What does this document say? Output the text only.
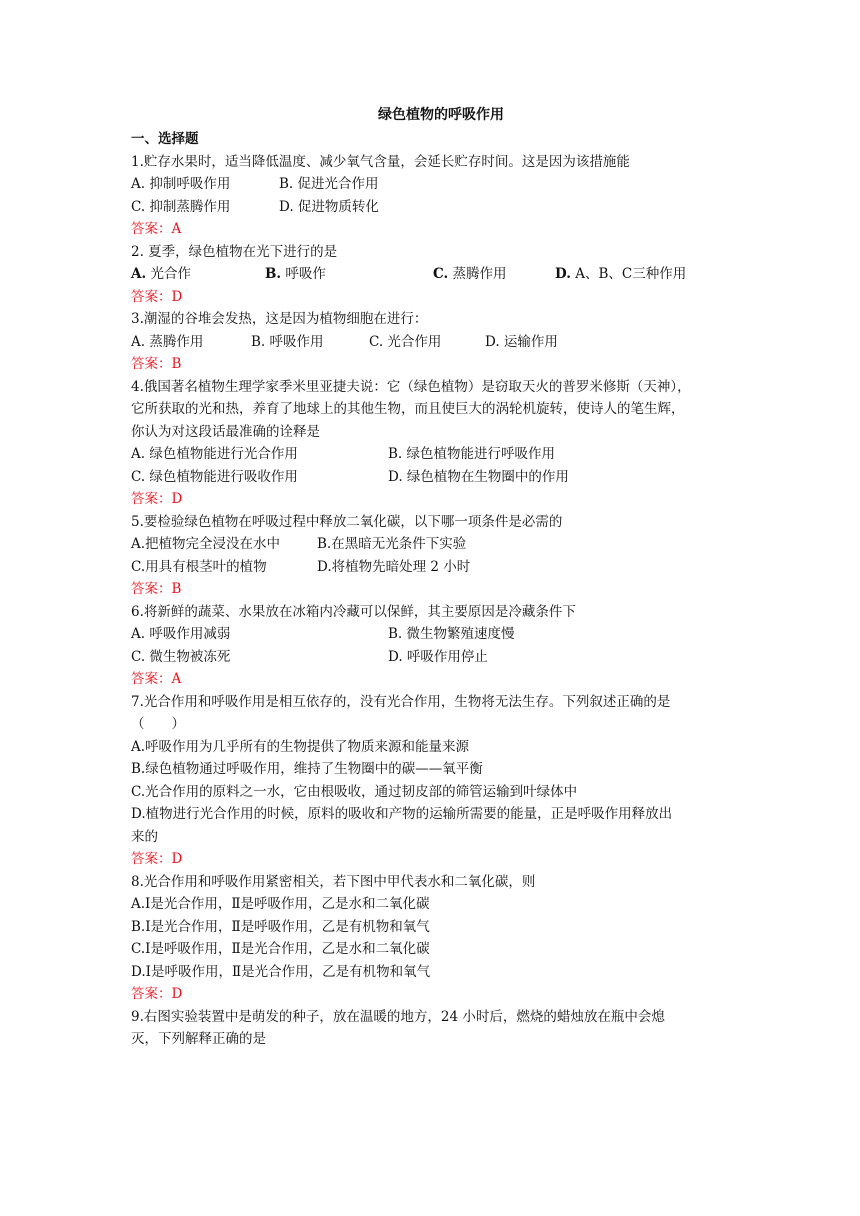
绿色植物的呼吸作用
一、选择题
1.贮存水果时，适当降低温度、减少氧气含量，会延长贮存时间。这是因为该措施能
A. 抑制呼吸作用	B. 促进光合作用
C. 抑制蒸腾作用	D. 促进物质转化
答案：A
2. 夏季，绿色植物在光下进行的是
A. 光合作	B. 呼吸作	C. 蒸腾作用	D. A、B、C三种作用
答案：D
3.潮湿的谷堆会发热，这是因为植物细胞在进行：
A. 蒸腾作用	B. 呼吸作用	C. 光合作用	D. 运输作用
答案：B
4.俄国著名植物生理学家季米里亚捷夫说：它（绿色植物）是窃取天火的普罗米修斯（天神），
它所获取的光和热，养育了地球上的其他生物，而且使巨大的涡轮机旋转，使诗人的笔生辉，
你认为对这段话最准确的诠释是
A. 绿色植物能进行光合作用	B. 绿色植物能进行呼吸作用
C. 绿色植物能进行吸收作用	D. 绿色植物在生物圈中的作用
答案：D
5.要检验绿色植物在呼吸过程中释放二氧化碳，以下哪一项条件是必需的
A.把植物完全浸没在水中	B.在黑暗无光条件下实验
C.用具有根茎叶的植物	D.将植物先暗处理 2 小时
答案：B
6.将新鲜的蔬菜、水果放在冰箱内冷藏可以保鲜，其主要原因是冷藏条件下
A. 呼吸作用减弱	B. 微生物繁殖速度慢
C. 微生物被冻死	D. 呼吸作用停止
答案：A
7.光合作用和呼吸作用是相互依存的，没有光合作用，生物将无法生存。下列叙述正确的是
（　　）
A.呼吸作用为几乎所有的生物提供了物质来源和能量来源
B.绿色植物通过呼吸作用，维持了生物圈中的碳——氧平衡
C.光合作用的原料之一水，它由根吸收，通过韧皮部的筛管运输到叶绿体中
D.植物进行光合作用的时候，原料的吸收和产物的运输所需要的能量，正是呼吸作用释放出
来的
答案：D
8.光合作用和呼吸作用紧密相关，若下图中甲代表水和二氧化碳，则
A.Ⅰ是光合作用，Ⅱ是呼吸作用，乙是水和二氧化碳
B.Ⅰ是光合作用，Ⅱ是呼吸作用，乙是有机物和氧气
C.Ⅰ是呼吸作用，Ⅱ是光合作用，乙是水和二氧化碳
D.Ⅰ是呼吸作用，Ⅱ是光合作用，乙是有机物和氧气
答案：D
9.右图实验装置中是萌发的种子，放在温暖的地方，24 小时后，燃烧的蜡烛放在瓶中会熄
灭，下列解释正确的是
